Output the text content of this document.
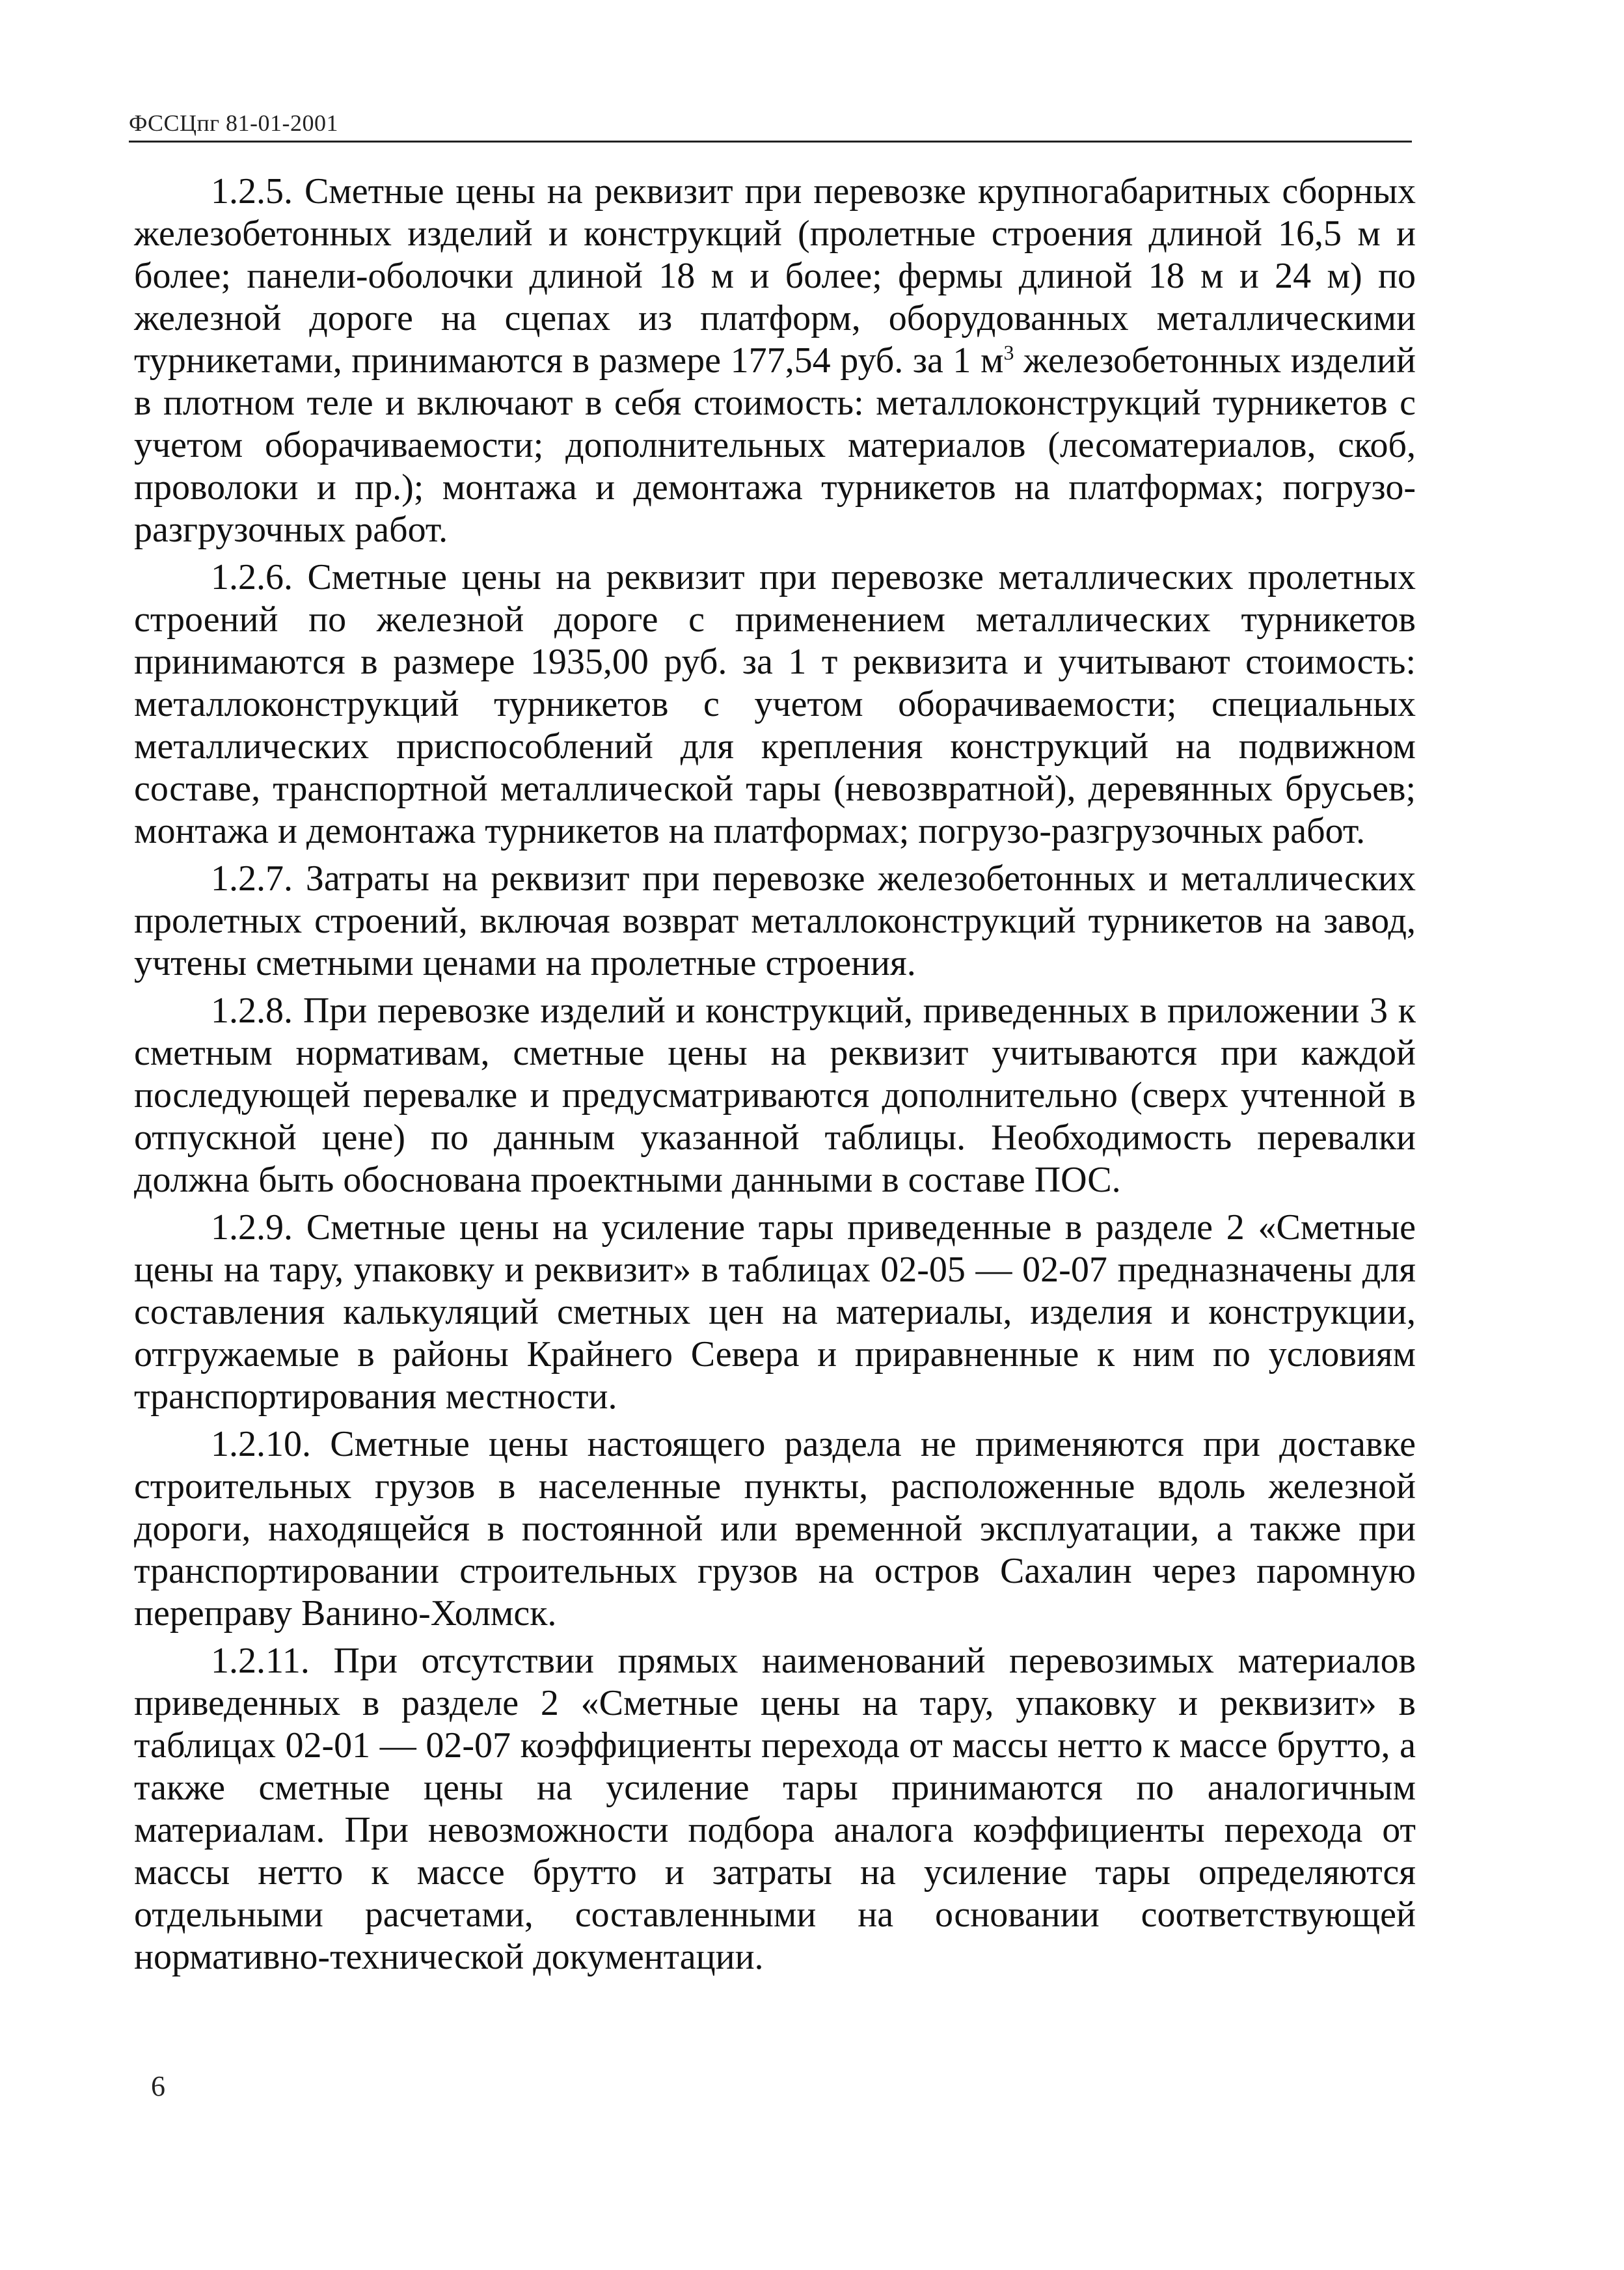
ФССЦпг 81-01-2001

1.2.5. Сметные цены на реквизит при перевозке крупногабаритных сборных железобетонных изделий и конструкций (пролетные строения длиной 16,5 м и более; панели-оболочки длиной 18 м и более; фермы длиной 18 м и 24 м) по железной дороге на сцепах из платформ, оборудованных металлическими турникетами, принимаются в размере 177,54 руб. за 1 $м^3$ железобетонных изделий в плотном теле и включают в себя стоимость: металлоконструкций турникетов с учетом оборачиваемости; дополнительных материалов (лесоматериалов, скоб, проволоки и пр.); монтажа и демонтажа турникетов на платформах; погрузо-разгрузочных работ.

1.2.6. Сметные цены на реквизит при перевозке металлических пролетных строений по железной дороге с применением металлических турникетов принимаются в размере 1935,00 руб. за 1 т реквизита и учитывают стоимость: металлоконструкций турникетов с учетом оборачиваемости; специальных металлических приспособлений для крепления конструкций на подвижном составе, транспортной металлической тары (невозвратной), деревянных брусьев; монтажа и демонтажа турникетов на платформах; погрузо-разгрузочных работ.

1.2.7. Затраты на реквизит при перевозке железобетонных и металлических пролетных строений, включая возврат металлоконструкций турникетов на завод, учтены сметными ценами на пролетные строения.

1.2.8. При перевозке изделий и конструкций, приведенных в приложении 3 к сметным нормативам, сметные цены на реквизит учитываются при каждой последующей перевалке и предусматриваются дополнительно (сверх учтенной в отпускной цене) по данным указанной таблицы. Необходимость перевалки должна быть обоснована проектными данными в составе ПОС.

1.2.9. Сметные цены на усиление тары приведенные в разделе 2 «Сметные цены на тару, упаковку и реквизит» в таблицах 02-05 — 02-07 предназначены для составления калькуляций сметных цен на материалы, изделия и конструкции, отгружаемые в районы Крайнего Севера и приравненные к ним по условиям транспортирования местности.

1.2.10. Сметные цены настоящего раздела не применяются при доставке строительных грузов в населенные пункты, расположенные вдоль железной дороги, находящейся в постоянной или временной эксплуатации, а также при транспортировании строительных грузов на остров Сахалин через паромную переправу Ванино-Холмск.

1.2.11. При отсутствии прямых наименований перевозимых материалов приведенных в разделе 2 «Сметные цены на тару, упаковку и реквизит» в таблицах 02-01 — 02-07 коэффициенты перехода от массы нетто к массе брутто, а также сметные цены на усиление тары принимаются по аналогичным материалам. При невозможности подбора аналога коэффициенты перехода от массы нетто к массе брутто и затраты на усиление тары определяются отдельными расчетами, составленными на основании соответствующей нормативно-технической документации.

6
